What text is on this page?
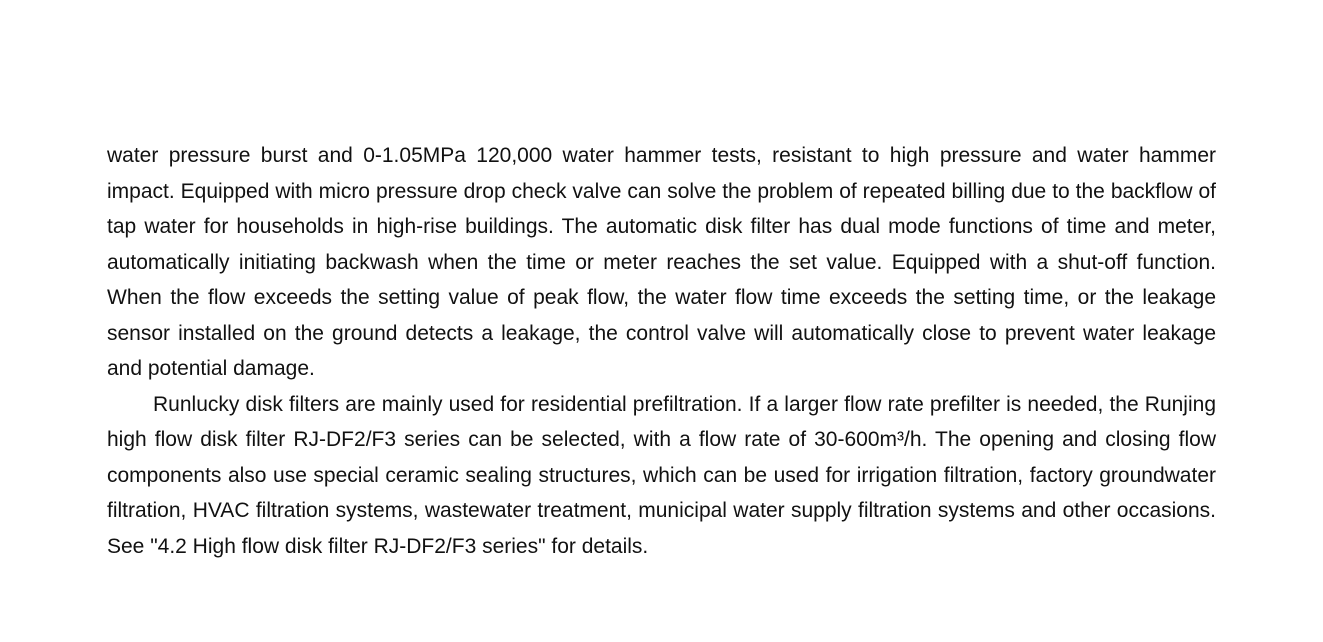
water pressure burst and 0-1.05MPa 120,000 water hammer tests, resistant to high pressure and water hammer impact. Equipped with micro pressure drop check valve can solve the problem of repeated billing due to the backflow of tap water for households in high-rise buildings. The automatic disk filter has dual mode functions of time and meter, automatically initiating backwash when the time or meter reaches the set value. Equipped with a shut-off function. When the flow exceeds the setting value of peak flow, the water flow time exceeds the setting time, or the leakage sensor installed on the ground detects a leakage, the control valve will automatically close to prevent water leakage and potential damage.

Runlucky disk filters are mainly used for residential prefiltration. If a larger flow rate prefilter is needed, the Runjing high flow disk filter RJ-DF2/F3 series can be selected, with a flow rate of 30-600m³/h. The opening and closing flow components also use special ceramic sealing structures, which can be used for irrigation filtration, factory groundwater filtration, HVAC filtration systems, wastewater treatment, municipal water supply filtration systems and other occasions. See "4.2 High flow disk filter RJ-DF2/F3 series" for details.
